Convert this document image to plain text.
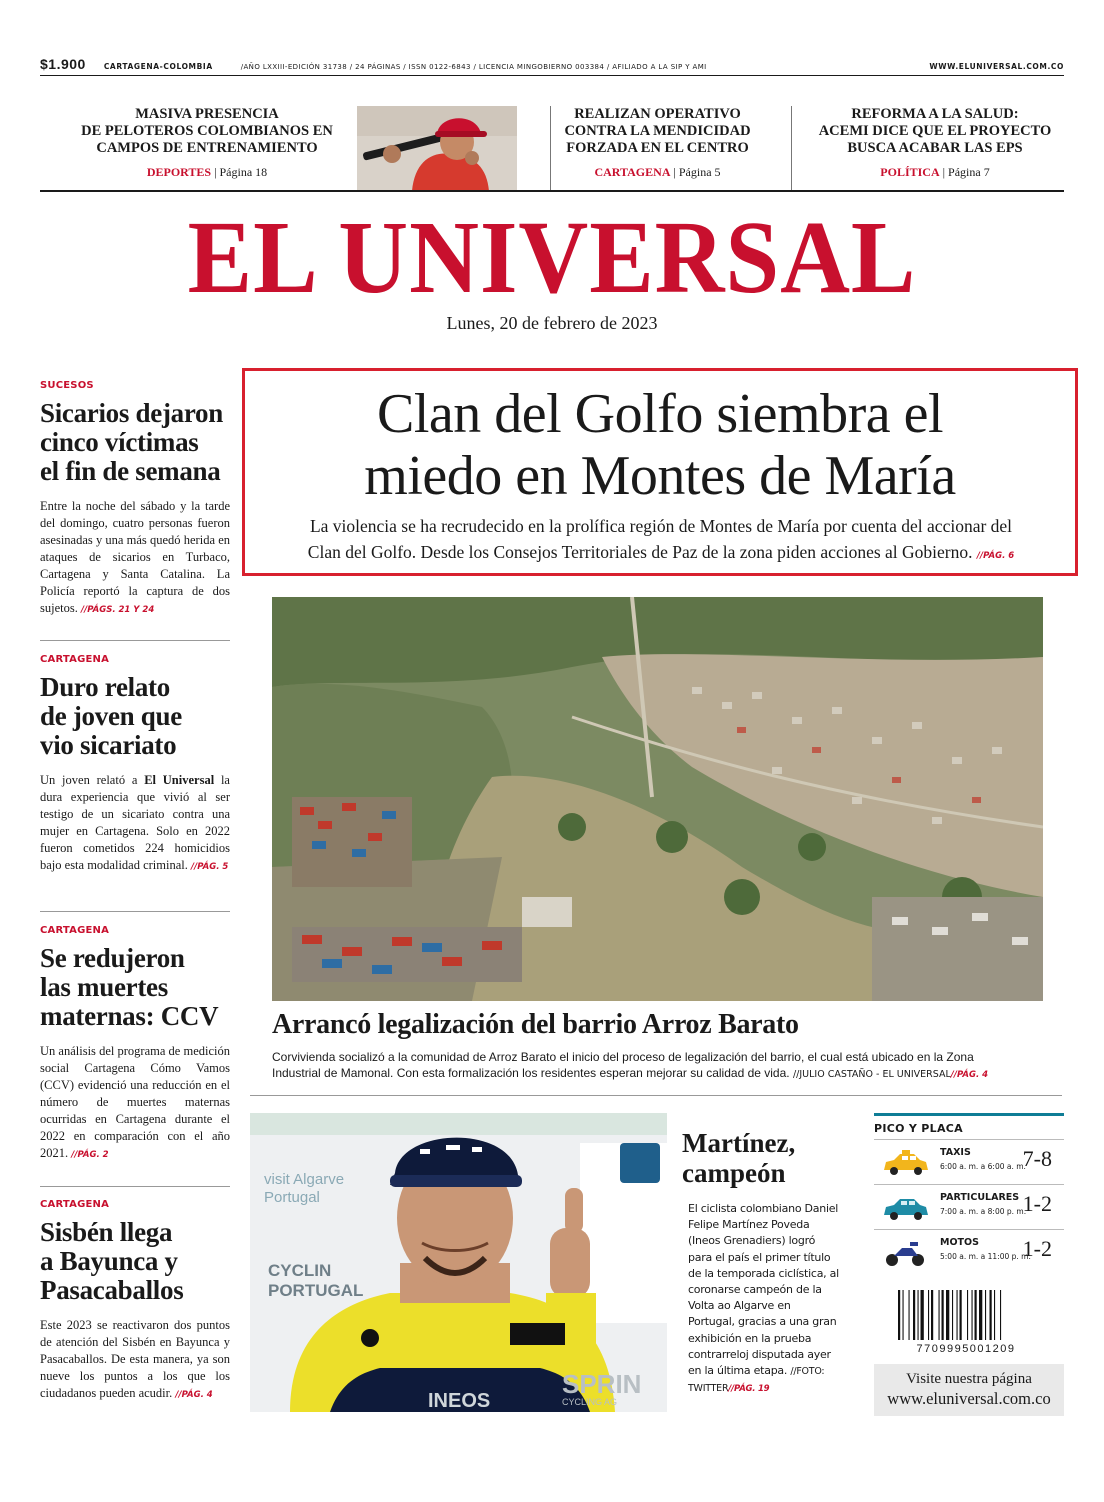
$1.900 CARTAGENA-COLOMBIA	/AÑO LXXIII-EDICIÓN 31738 / 24 PÁGINAS / ISSN 0122-6843 / LICENCIA MINGOBIERNO 003384 / AFILIADO A LA SIP Y AMI	WWW.ELUNIVERSAL.COM.CO
MASIVA PRESENCIA
DE PELOTEROS COLOMBIANOS EN
CAMPOS DE ENTRENAMIENTO
DEPORTES | Página 18
REALIZAN OPERATIVO
CONTRA LA MENDICIDAD
FORZADA EN EL CENTRO
CARTAGENA | Página 5
REFORMA A LA SALUD:
ACEMI DICE QUE EL PROYECTO
BUSCA ACABAR LAS EPS
POLÍTICA | Página 7
EL UNIVERSAL
Lunes, 20 de febrero de 2023
SUCESOS
Sicarios dejaron
cinco víctimas
el fin de semana
Entre la noche del sábado y la tarde del domingo, cuatro personas fueron asesinadas y una más quedó herida en ataques de sicarios en Turbaco, Cartagena y Santa Catalina. La Policía reportó la captura de dos sujetos. //PÁGS. 21 Y 24
CARTAGENA
Duro relato
de joven que
vio sicariato
Un joven relató a El Universal la dura experiencia que vivió al ser testigo de un sicariato contra una mujer en Cartagena. Solo en 2022 fueron cometidos 224 homicidios bajo esta modalidad criminal. //PÁG. 5
CARTAGENA
Se redujeron
las muertes
maternas: CCV
Un análisis del programa de medición social Cartagena Cómo Vamos (CCV) evidenció una reducción en el número de muertes maternas ocurridas en Cartagena durante el 2022 en comparación con el año 2021. //PÁG. 2
CARTAGENA
Sisbén llega
a Bayunca y
Pasacaballos
Este 2023 se reactivaron dos puntos de atención del Sisbén en Bayunca y Pasacaballos. De esta manera, ya son nueve los puntos a los que los ciudadanos pueden acudir. //PÁG. 4
Clan del Golfo siembra el
miedo en Montes de María
La violencia se ha recrudecido en la prolífica región de Montes de María por cuenta del accionar del
Clan del Golfo. Desde los Consejos Territoriales de Paz de la zona piden acciones al Gobierno. //PÁG. 6
Arrancó legalización del barrio Arroz Barato
Corvivienda socializó a la comunidad de Arroz Barato el inicio del proceso de legalización del barrio, el cual está ubicado en la Zona
Industrial de Mamonal. Con esta formalización los residentes esperan mejorar su calidad de vida. //JULIO CASTAÑO - EL UNIVERSAL//PÁG. 4
visit Algarve
Portugal
CYCLIN
PORTUGAL
SPRIN
CYCLING AG
INEOS
Martínez,
campeón
El ciclista colombiano Daniel Felipe Martínez Poveda (Ineos Grenadiers) logró para el país el primer título de la temporada ciclística, al coronarse campeón de la Volta ao Algarve en Portugal, gracias a una gran exhibición en la prueba contrarreloj disputada ayer en la última etapa. //FOTO: TWITTER//PÁG. 19
PICO Y PLACA
TAXIS
6:00 a. m. a 6:00 a. m.
7-8
PARTICULARES
7:00 a. m. a 8:00 p. m.
1-2
MOTOS
5:00 a. m. a 11:00 p. m.
1-2
7709995001209
Visite nuestra página
www.eluniversal.com.co
